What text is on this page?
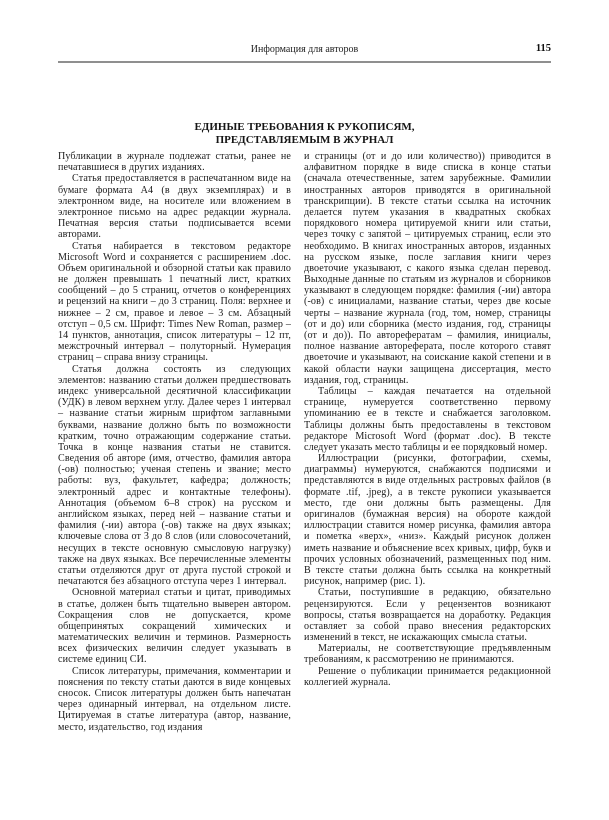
Информация для авторов	115
ЕДИНЫЕ ТРЕБОВАНИЯ К РУКОПИСЯМ,
ПРЕДСТАВЛЯЕМЫМ В ЖУРНАЛ

Публикации в журнале подлежат статьи, ранее не печатавшиеся в других изданиях.

Статья предоставляется в распечатанном виде на бумаге формата А4 (в двух экземплярах) и в электронном виде, на носителе или вложением в электронное письмо на адрес редакции журнала. Печатная версия статьи подписывается всеми авторами.

Статья набирается в текстовом редакторе Microsoft Word и сохраняется с расширением .doc. Объем оригинальной и обзорной статьи как правило не должен превышать 1 печатный лист, кратких сообщений – до 5 страниц, отчетов о конференциях и рецензий на книги – до 3 страниц. Поля: верхнее и нижнее – 2 см, правое и левое – 3 см. Абзацный отступ – 0,5 см. Шрифт: Times New Roman, размер – 14 пунктов, аннотация, список литературы – 12 пт, межстрочный интервал – полуторный. Нумерация страниц – справа внизу страницы.

Статья должна состоять из следующих элементов: названию статьи должен предшествовать индекс универсальной десятичной классификации (УДК) в левом верхнем углу. Далее через 1 интервал – название статьи жирным шрифтом заглавными буквами, название должно быть по возможности кратким, точно отражающим содержание статьи. Точка в конце названия статьи не ставится. Сведения об авторе (имя, отчество, фамилия автора (-ов) полностью; ученая степень и звание; место работы: вуз, факультет, кафедра; должность; электронный адрес и контактные телефоны). Аннотация (объемом 6–8 строк) на русском и английском языках, перед ней – название статьи и фамилия (-ии) автора (-ов) также на двух языках; ключевые слова от 3 до 8 слов (или словосочетаний, несущих в тексте основную смысловую нагрузку) также на двух языках. Все перечисленные элементы статьи отделяются друг от друга пустой строкой и печатаются без абзацного отступа через 1 интервал.

Основной материал статьи и цитат, приводимых в статье, должен быть тщательно выверен автором. Сокращения слов не допускается, кроме общепринятых сокращений химических и математических величин и терминов. Размерность всех физических величин следует указывать в системе единиц СИ.

Список литературы, примечания, комментарии и пояснения по тексту статьи даются в виде концевых сносок. Список литературы должен быть напечатан через одинарный интервал, на отдельном листе. Цитируемая в статье литература (автор, название, место, издательство, год издания

и страницы (от и до или количество)) приводится в алфавитном порядке в виде списка в конце статьи (сначала отечественные, затем зарубежные. Фамилии иностранных авторов приводятся в оригинальной транскрипции). В тексте статьи ссылка на источник делается путем указания в квадратных скобках порядкового номера цитируемой книги или статьи, через точку с запятой – цитируемых страниц, если это необходимо. В книгах иностранных авторов, изданных на русском языке, после заглавия книги через двоеточие указывают, с какого языка сделан перевод. Выходные данные по статьям из журналов и сборников указывают в следующем порядке: фамилия (-ии) автора (-ов) с инициалами, название статьи, через две косые черты – название журнала (год, том, номер, страницы (от и до) или сборника (место издания, год, страницы (от и до)). По авторефератам – фамилия, инициалы, полное название автореферата, после которого ставят двоеточие и указывают, на соискание какой степени и в какой области науки защищена диссертация, место издания, год, страницы.

Таблицы – каждая печатается на отдельной странице, нумеруется соответственно первому упоминанию ее в тексте и снабжается заголовком. Таблицы должны быть предоставлены в текстовом редакторе Microsoft Word (формат .doc). В тексте следует указать место таблицы и ее порядковый номер.

Иллюстрации (рисунки, фотографии, схемы, диаграммы) нумеруются, снабжаются подписями и представляются в виде отдельных растровых файлов (в формате .tif, .jpeg), а в тексте рукописи указывается место, где они должны быть размещены. Для оригиналов (бумажная версия) на обороте каждой иллюстрации ставится номер рисунка, фамилия автора и пометка «верх», «низ». Каждый рисунок должен иметь название и объяснение всех кривых, цифр, букв и прочих условных обозначений, размещенных под ним. В тексте статьи должна быть ссылка на конкретный рисунок, например (рис. 1).

Статьи, поступившие в редакцию, обязательно рецензируются. Если у рецензентов возникают вопросы, статья возвращается на доработку. Редакция оставляет за собой право внесения редакторских изменений в текст, не искажающих смысла статьи.

Материалы, не соответствующие предъявленным требованиям, к рассмотрению не принимаются.

Решение о публикации принимается редакционной коллегией журнала.
